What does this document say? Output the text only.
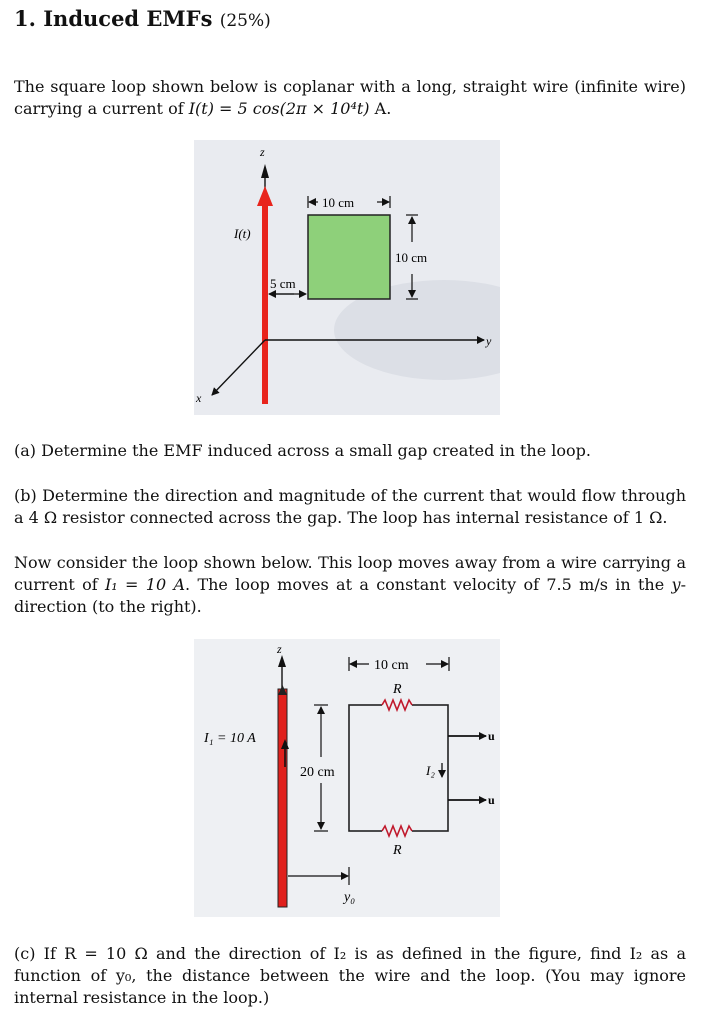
1. Induced EMFs (25%)
The square loop shown below is coplanar with a long, straight wire (infinite wire) carrying a current of I(t) = 5 cos(2π × 10⁴t) A.
z
I(t)
y
x
10 cm
10 cm
5 cm
(a) Determine the EMF induced across a small gap created in the loop.
(b) Determine the direction and magnitude of the current that would flow through a 4 Ω resistor connected across the gap. The loop has internal resistance of 1 Ω.
Now consider the loop shown below. This loop moves away from a wire carrying a current of I₁ = 10 A. The loop moves at a constant velocity of 7.5 m/s in the y-direction (to the right).
z
I₁ = 10 A
10 cm
R
R
I₂
20 cm
u
u
y₀
(c) If R = 10 Ω and the direction of I₂ is as defined in the figure, find I₂ as a function of y₀, the distance between the wire and the loop. (You may ignore internal resistance in the loop.)
